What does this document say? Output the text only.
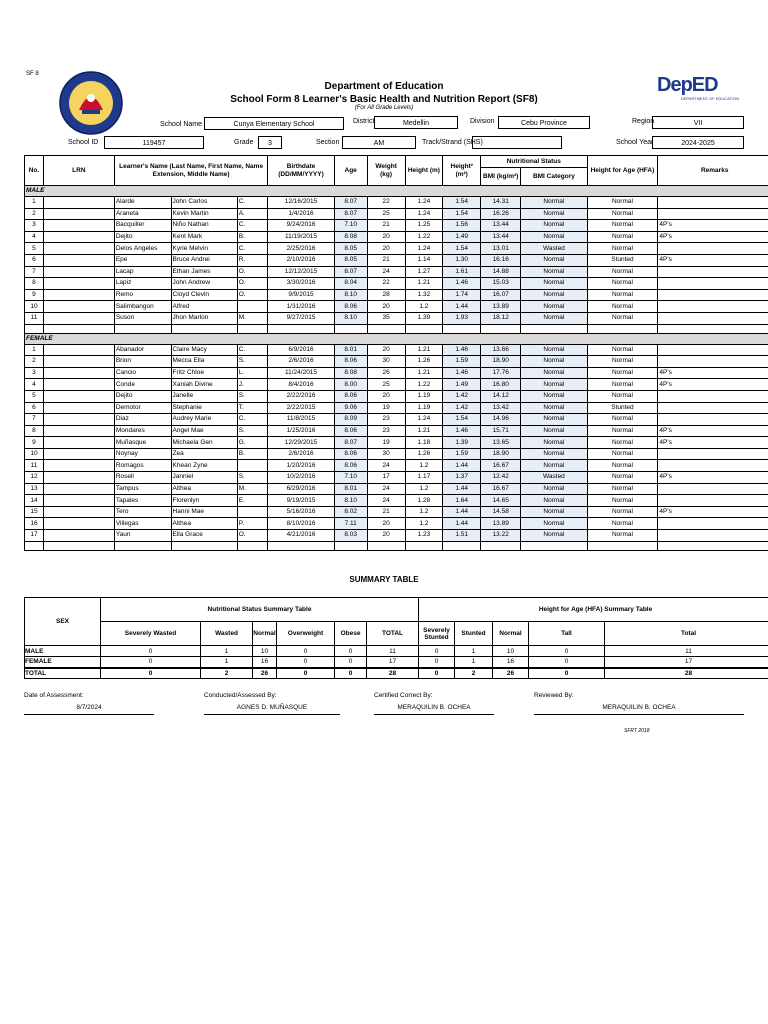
SF 8
Department of Education
School Form 8 Learner's Basic Health and Nutrition Report (SF8)
(For All Grade Levels)
DepED
DEPARTMENT OF EDUCATION
School Name	Cunya Elementary School	District	Medellin	Division	Cebu Province	Region	VII
School ID	119457	Grade	3	Section	AM	Track/Strand (SHS)	School Year	2024-2025
No.	LRN	Learner's Name (Last Name, First Name, Name Extension, Middle Name)			Birthdate (DD/MM/YYYY)	Age	Weight (kg)	Height (m)	Height² (m²)	Nutritional Status		Height for Age (HFA)	Remarks
										BMI (kg/m²)	BMI Category		
MALE													
1		Alarde	John Carlos	C.	12/16/2015	8.07	22	1.24	1.54	14.31	Normal	Normal	
2		Araneta	Kevin Martin	A.	1/4/2016	8.07	25	1.24	1.54	16.26	Normal	Normal	
3		Bacquiller	Niño Nathan	C.	9/24/2016	7.10	21	1.25	1.56	13.44	Normal	Normal	4P's
4		Dejito	Kent Mark	B.	11/19/2015	8.08	20	1.22	1.49	13.44	Normal	Normal	4P's
5		Delos Angeles	Kyrie Melvin	C.	2/25/2016	8.05	20	1.24	1.54	13.01	Wasted	Normal	
6		Epe	Bruce Andrei	R.	2/10/2016	8.05	21	1.14	1.30	16.16	Normal	Stunted	4P's
7		Lacap	Ethan James	O.	12/12/2015	8.07	24	1.27	1.61	14.88	Normal	Normal	
8		Lapiz	John Andrew	O.	3/30/2016	8.04	22	1.21	1.46	15.03	Normal	Normal	
9		Remo	Cloyd Clevin	O.	9/9/2015	8.10	28	1.32	1.74	16.07	Normal	Normal	
10		Salimbangon	Alfred		1/31/2016	8.06	20	1.2	1.44	13.89	Normal	Normal	
11		Suson	Jhon Marlon	M.	9/27/2015	8.10	35	1.39	1.93	18.12	Normal	Normal	

FEMALE													
1		Abanador	Claire Macy	C.	6/9/2016	8.01	20	1.21	1.46	13.66	Normal	Normal	
2		Brion	Mecca Ella	S.	2/6/2016	8.06	30	1.26	1.59	18.90	Normal	Normal	
3		Cancio	Fritz Chloe	L.	11/24/2015	8.08	26	1.21	1.46	17.76	Normal	Normal	4P's
4		Conde	Xaniah Divine	J.	8/4/2016	8.00	25	1.22	1.49	16.80	Normal	Normal	4P's
5		Dejito	Janelle	S.	2/22/2016	8.06	20	1.19	1.42	14.12	Normal	Normal	
6		Demotor	Stephanie	T.	2/22/2015	9.06	19	1.19	1.42	13.42	Normal	Stunted	
7		Diaz	Audrey Marie	C.	11/8/2015	8.09	23	1.24	1.54	14.96	Normal	Normal	
8		Mondares	Angel Mae	S.	1/25/2016	8.06	23	1.21	1.46	15.71	Normal	Normal	4P's
9		Muñasque	Michaela Gen	G.	12/29/2015	8.07	19	1.18	1.39	13.65	Normal	Normal	4P's
10		Noynay	Zea	B.	2/6/2016	8.06	30	1.26	1.59	18.90	Normal	Normal	
11		Romagos	Khean Zyne		1/20/2016	8.06	24	1.2	1.44	16.67	Normal	Normal	
12		Rosell	Janniel	S.	10/2/2016	7.10	17	1.17	1.37	12.42	Wasted	Normal	4P's
13		Tampus	Althea	M.	6/29/2016	8.01	24	1.2	1.44	16.67	Normal	Normal	
14		Tapales	Florenlyn	E.	9/19/2015	8.10	24	1.28	1.64	14.65	Normal	Normal	
15		Tero	Hanni Mae		5/16/2016	8.02	21	1.2	1.44	14.58	Normal	Normal	4P's
16		Villegas	Althea	P.	8/10/2016	7.11	20	1.2	1.44	13.89	Normal	Normal	
17		Yaun	Ella Grace	O.	4/21/2016	8.03	20	1.23	1.51	13.22	Normal	Normal	

SUMMARY TABLE
SEX	Nutritional Status Summary Table						Height for Age (HFA) Summary Table				
	Severely Wasted	Wasted	Normal	Overweight	Obese	TOTAL	Severely Stunted	Stunted	Normal	Tall	Total
MALE	0	1	10	0	0	11	0	1	10	0	11
FEMALE	0	1	16	0	0	17	0	1	16	0	17
TOTAL	0	2	26	0	0	28	0	2	26	0	28
Date of Assessment:
8/7/2024
Conducted/Assessed By:
AGNES D. MUÑASQUE
Certified Correct By:
MERAQUILIN B. OCHEA
Reviewed By:
MERAQUILIN B. OCHEA
SFRT 2018
